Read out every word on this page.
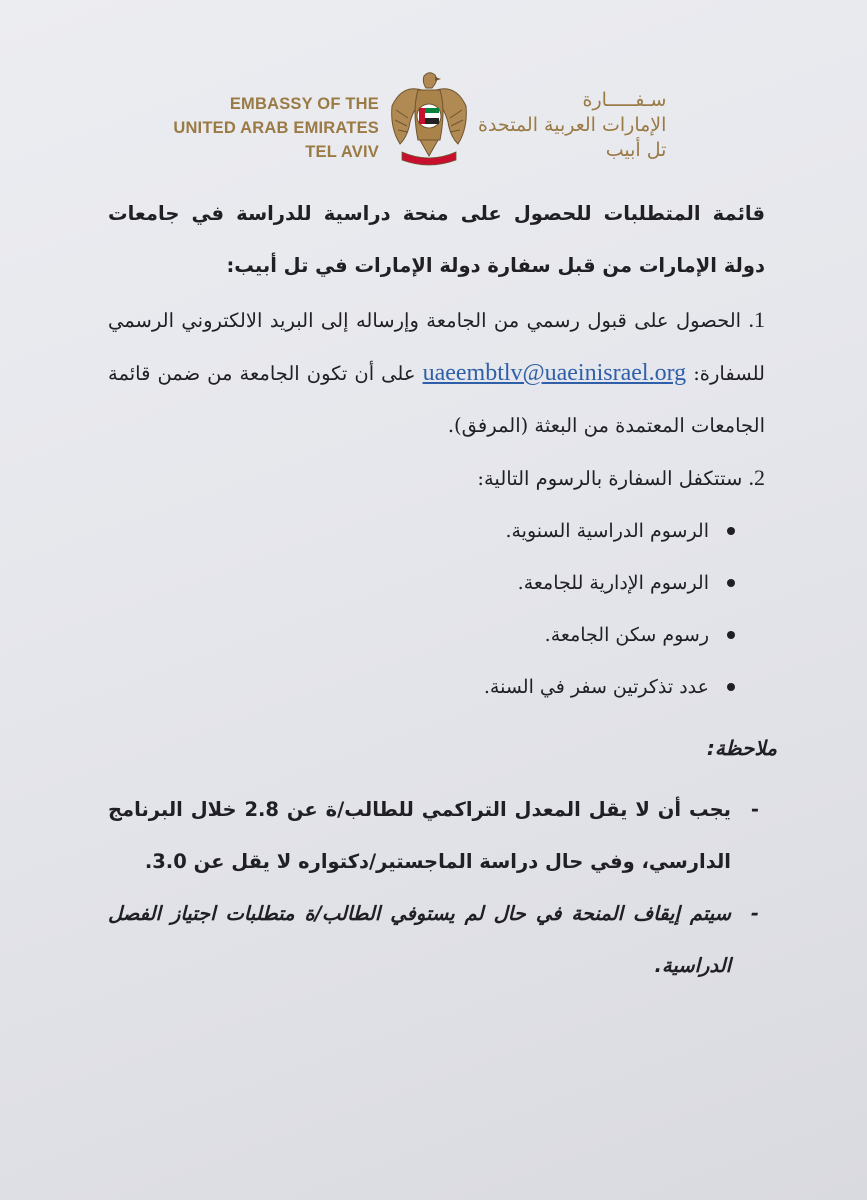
EMBASSY OF THE
UNITED ARAB EMIRATES
TEL AVIV
سـفـــــارة
الإمارات العربية المتحدة
تل أبيب
قائمة المتطلبات للحصول على منحة دراسية للدراسة في جامعات دولة الإمارات من قبل سفارة دولة الإمارات في تل أبيب:
1. الحصول على قبول رسمي من الجامعة وإرساله إلى البريد الالكتروني الرسمي للسفارة: uaeembtlv@uaeinisrael.org على أن تكون الجامعة من ضمن قائمة الجامعات المعتمدة من البعثة (المرفق).
2. ستتكفل السفارة بالرسوم التالية:
الرسوم الدراسية السنوية.
الرسوم الإدارية للجامعة.
رسوم سكن الجامعة.
عدد تذكرتين سفر في السنة.
ملاحظة:
-
يجب أن لا يقل المعدل التراكمي للطالب/ة عن 2.8 خلال البرنامج الدارسي، وفي حال دراسة الماجستير/دكتواره لا يقل عن 3.0.
-
سيتم إيقاف المنحة في حال لم يستوفي الطالب/ة متطلبات اجتياز الفصل الدراسية.
